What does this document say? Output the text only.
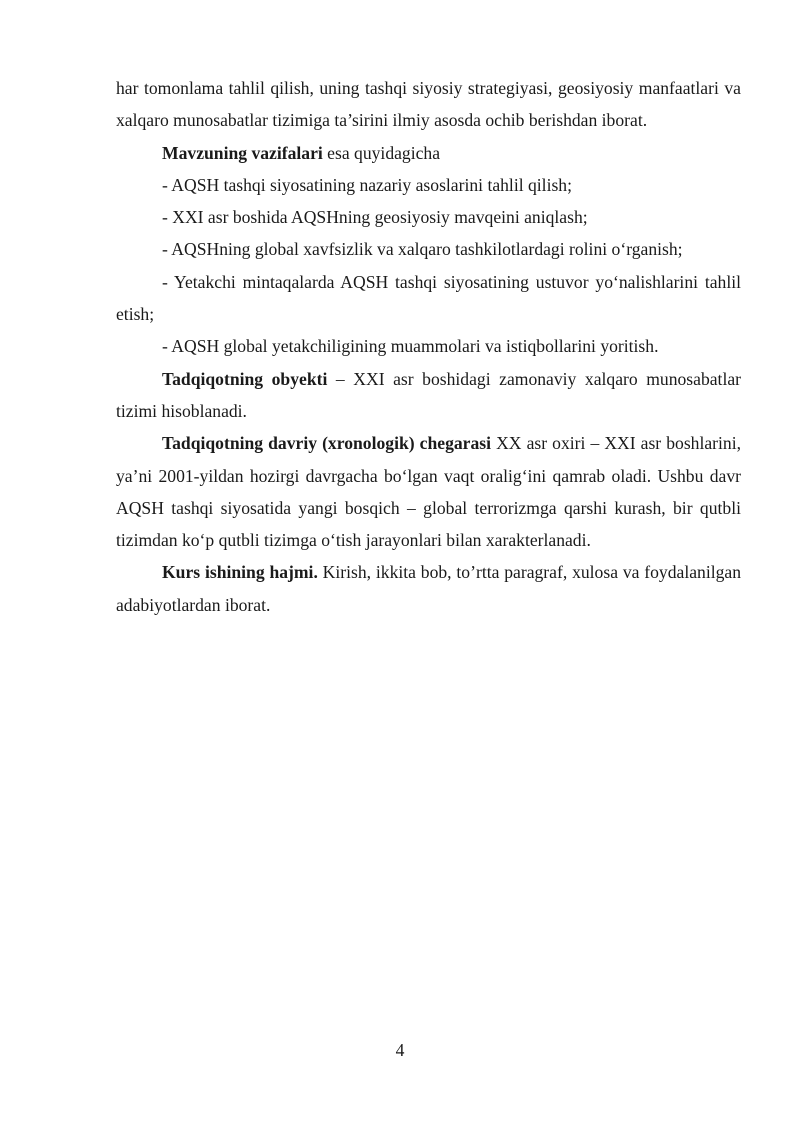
har tomonlama tahlil qilish, uning tashqi siyosiy strategiyasi, geosiyosiy manfaatlari va xalqaro munosabatlar tizimiga ta’sirini ilmiy asosda ochib berishdan iborat.

Mavzuning vazifalari esa quyidagicha

- AQSH tashqi siyosatining nazariy asoslarini tahlil qilish;

- XXI asr boshida AQSHning geosiyosiy mavqeini aniqlash;

- AQSHning global xavfsizlik va xalqaro tashkilotlardagi rolini o‘rganish;

- Yetakchi mintaqalarda AQSH tashqi siyosatining ustuvor yo‘nalishlarini tahlil etish;

- AQSH global yetakchiligining muammolari va istiqbollarini yoritish.

Tadqiqotning obyekti – XXI asr boshidagi zamonaviy xalqaro munosabatlar tizimi hisoblanadi.

Tadqiqotning davriy (xronologik) chegarasi XX asr oxiri – XXI asr boshlarini, ya’ni 2001-yildan hozirgi davrgacha bo‘lgan vaqt oralig‘ini qamrab oladi. Ushbu davr AQSH tashqi siyosatida yangi bosqich – global terrorizmga qarshi kurash, bir qutbli tizimdan ko‘p qutbli tizimga o‘tish jarayonlari bilan xarakterlanadi.

Kurs ishining hajmi. Kirish, ikkita bob, to’rtta paragraf, xulosa va foydalanilgan adabiyotlardan iborat.

4
